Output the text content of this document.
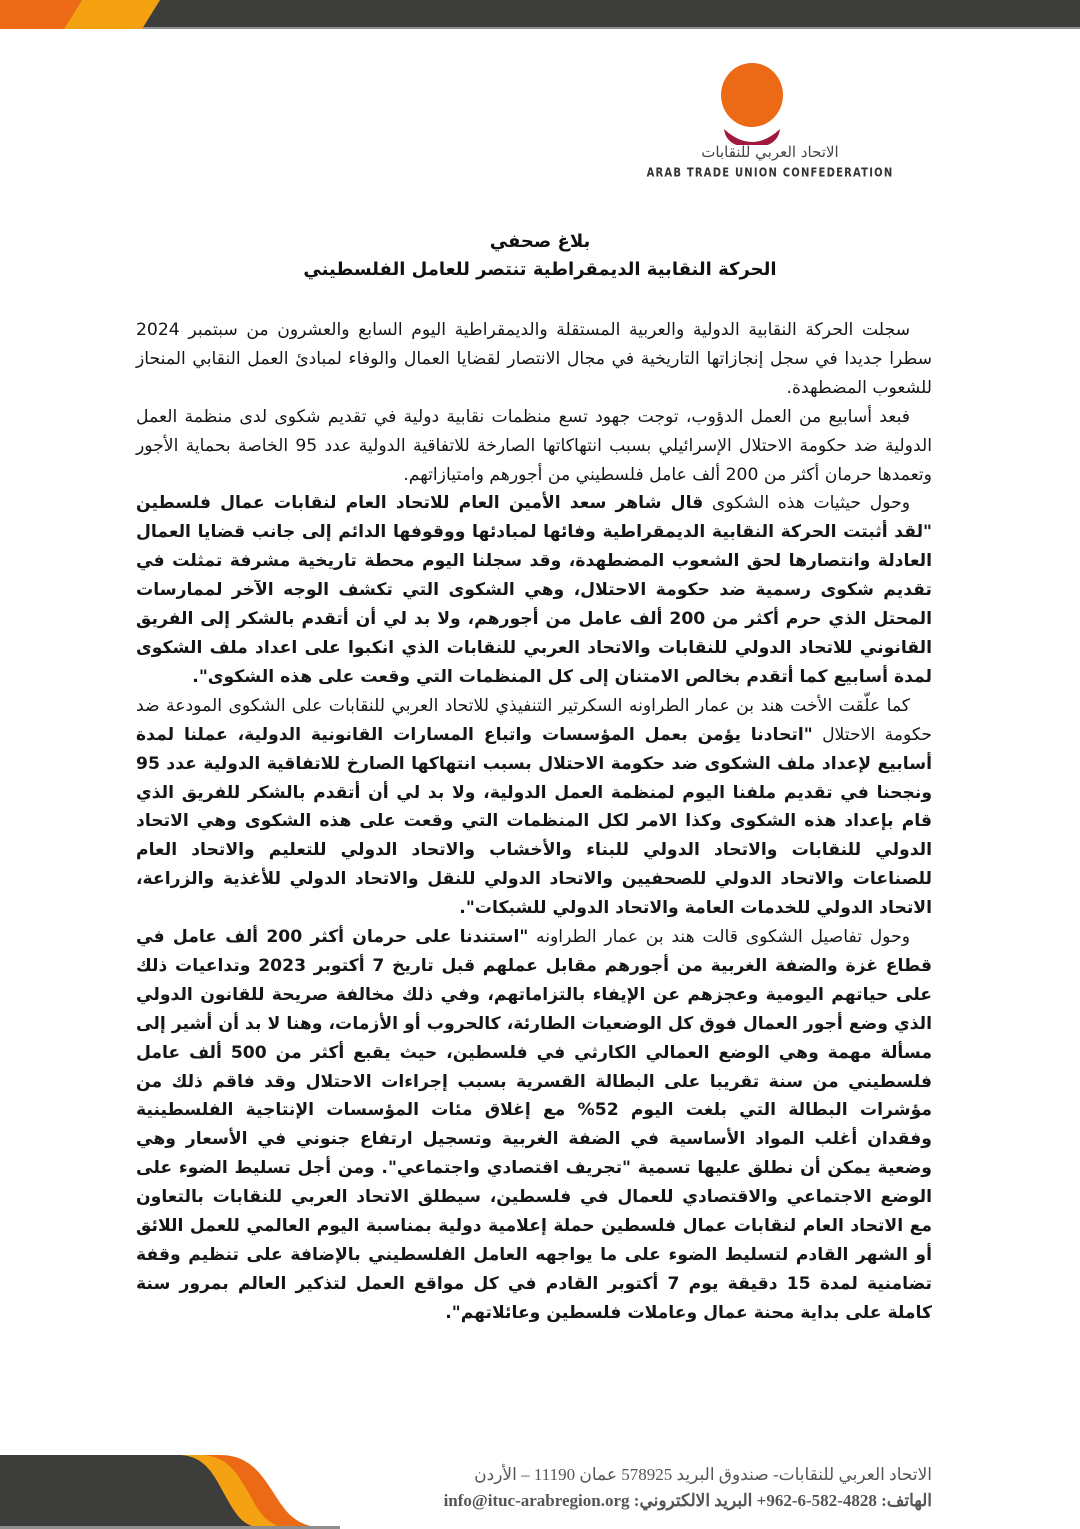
الاتحاد العربي للنقابات
ARAB TRADE UNION CONFEDERATION
بلاغ صحفي
الحركة النقابية الديمقراطية تنتصر للعامل الفلسطيني

سجلت الحركة النقابية الدولية والعربية المستقلة والديمقراطية اليوم السابع والعشرون من سبتمبر 2024 سطرا جديدا في سجل إنجازاتها التاريخية في مجال الانتصار لقضايا العمال والوفاء لمبادئ العمل النقابي المنحاز للشعوب المضطهدة.

فبعد أسابيع من العمل الدؤوب، توجت جهود تسع منظمات نقابية دولية في تقديم شكوى لدى منظمة العمل الدولية ضد حكومة الاحتلال الإسرائيلي بسبب انتهاكاتها الصارخة للاتفاقية الدولية عدد 95 الخاصة بحماية الأجور وتعمدها حرمان أكثر من 200 ألف عامل فلسطيني من أجورهم وامتيازاتهم.

وحول حيثيات هذه الشكوى قال شاهر سعد الأمين العام للاتحاد العام لنقابات عمال فلسطين "لقد أثبتت الحركة النقابية الديمقراطية وفائها لمبادئها ووقوفها الدائم إلى جانب قضايا العمال العادلة وانتصارها لحق الشعوب المضطهدة، وقد سجلنا اليوم محطة تاريخية مشرفة تمثلت في تقديم شكوى رسمية ضد حكومة الاحتلال، وهي الشكوى التي تكشف الوجه الآخر لممارسات المحتل الذي حرم أكثر من 200 ألف عامل من أجورهم، ولا بد لي أن أتقدم بالشكر إلى الفريق القانوني للاتحاد الدولي للنقابات والاتحاد العربي للنقابات الذي انكبوا على اعداد ملف الشكوى لمدة أسابيع كما أتقدم بخالص الامتنان إلى كل المنظمات التي وقعت على هذه الشكوى".

كما علّقت الأخت هند بن عمار الطراونه السكرتير التنفيذي للاتحاد العربي للنقابات على الشكوى المودعة ضد حكومة الاحتلال "اتحادنا يؤمن بعمل المؤسسات واتباع المسارات القانونية الدولية، عملنا لمدة أسابيع لإعداد ملف الشكوى ضد حكومة الاحتلال بسبب انتهاكها الصارخ للاتفاقية الدولية عدد 95 ونجحنا في تقديم ملفنا اليوم لمنظمة العمل الدولية، ولا بد لي أن أتقدم بالشكر للفريق الذي قام بإعداد هذه الشكوى وكذا الامر لكل المنظمات التي وقعت على هذه الشكوى وهي الاتحاد الدولي للنقابات والاتحاد الدولي للبناء والأخشاب والاتحاد الدولي للتعليم والاتحاد العام للصناعات والاتحاد الدولي للصحفيين والاتحاد الدولي للنقل والاتحاد الدولي للأغذية والزراعة، الاتحاد الدولي للخدمات العامة والاتحاد الدولي للشبكات".

وحول تفاصيل الشكوى قالت هند بن عمار الطراونه "استندنا على حرمان أكثر 200 ألف عامل في قطاع غزة والضفة الغربية من أجورهم مقابل عملهم قبل تاريخ 7 أكتوبر 2023 وتداعيات ذلك على حياتهم اليومية وعجزهم عن الإيفاء بالتزاماتهم، وفي ذلك مخالفة صريحة للقانون الدولي الذي وضع أجور العمال فوق كل الوضعيات الطارئة، كالحروب أو الأزمات، وهنا لا بد أن أشير إلى مسألة مهمة وهي الوضع العمالي الكارثي في فلسطين، حيث يقبع أكثر من 500 ألف عامل فلسطيني من سنة تقريبا على البطالة القسرية بسبب إجراءات الاحتلال وقد فاقم ذلك من مؤشرات البطالة التي بلغت اليوم 52% مع إغلاق مئات المؤسسات الإنتاجية الفلسطينية وفقدان أغلب المواد الأساسية في الضفة الغربية وتسجيل ارتفاع جنوني في الأسعار وهي وضعية يمكن أن نطلق عليها تسمية "تجريف اقتصادي واجتماعي". ومن أجل تسليط الضوء على الوضع الاجتماعي والاقتصادي للعمال في فلسطين، سيطلق الاتحاد العربي للنقابات بالتعاون مع الاتحاد العام لنقابات عمال فلسطين حملة إعلامية دولية بمناسبة اليوم العالمي للعمل اللائق أو الشهر القادم لتسليط الضوء على ما يواجهه العامل الفلسطيني بالإضافة على تنظيم وقفة تضامنية لمدة 15 دقيقة يوم 7 أكتوبر القادم في كل مواقع العمل لتذكير العالم بمرور سنة كاملة على بداية محنة عمال وعاملات فلسطين وعائلاتهم".

الاتحاد العربي للنقابات- صندوق البريد 578925 عمان 11190 – الأردن
الهاتف: 4828-582-6-962+ البريد الالكتروني: info@ituc-arabregion.org
